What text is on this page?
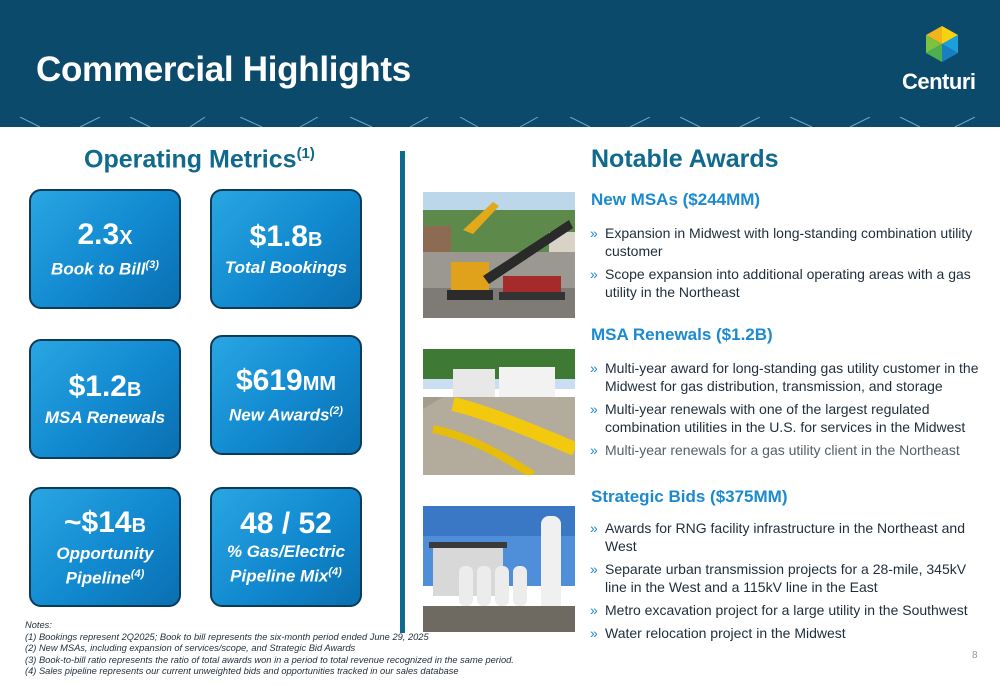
Commercial Highlights	Centuri
Operating Metrics$^{(1)}$
2.3X
Book to Bill$^{(3)}$
$1.8B
Total Bookings
$1.2B
MSA Renewals
$619MM
New Awards$^{(2)}$
~$14B
Opportunity
Pipeline$^{(4)}$
48 / 52
% Gas/Electric
Pipeline Mix$^{(4)}$
Notable Awards
New MSAs ($244MM)
» Expansion in Midwest with long-standing combination utility customer
» Scope expansion into additional operating areas with a gas utility in the Northeast
MSA Renewals ($1.2B)
» Multi-year award for long-standing gas utility customer in the Midwest for gas distribution, transmission, and storage
» Multi-year renewals with one of the largest regulated combination utilities in the U.S. for services in the Midwest
» Multi-year renewals for a gas utility client in the Northeast
Strategic Bids ($375MM)
» Awards for RNG facility infrastructure in the Northeast and West
» Separate urban transmission projects for a 28-mile, 345kV line in the West and a 115kV line in the East
» Metro excavation project for a large utility in the Southwest
» Water relocation project in the Midwest
Notes:
(1) Bookings represent 2Q2025; Book to bill represents the six-month period ended June 29, 2025
(2) New MSAs, including expansion of services/scope, and Strategic Bid Awards
(3) Book-to-bill ratio represents the ratio of total awards won in a period to total revenue recognized in the same period.
(4) Sales pipeline represents our current unweighted bids and opportunities tracked in our sales database
8
